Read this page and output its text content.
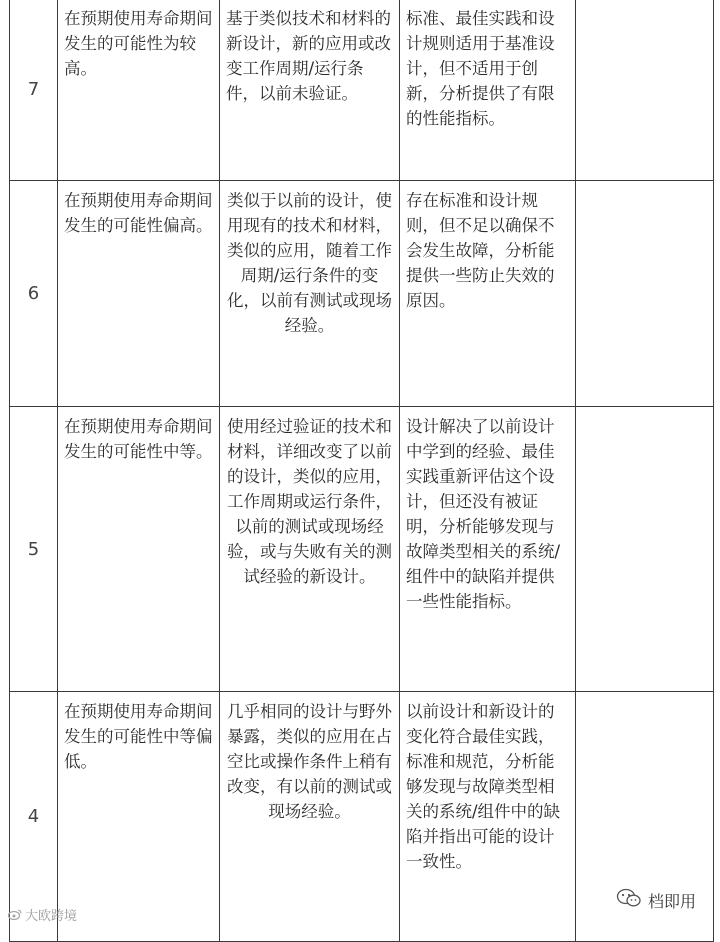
7	在预期使用寿命期间发生的可能性为较高。	基于类似技术和材料的新设计，新的应用或改变工作周期/运行条件，以前未验证。	标准、最佳实践和设计规则适用于基准设计，但不适用于创新，分析提供了有限的性能指标。	
6	在预期使用寿命期间发生的可能性偏高。	类似于以前的设计，使用现有的技术和材料，类似的应用，随着工作周期/运行条件的变化，以前有测试或现场经验。	存在标准和设计规则，但不足以确保不会发生故障，分析能提供一些防止失效的原因。	
5	在预期使用寿命期间发生的可能性中等。	使用经过验证的技术和材料，详细改变了以前的设计，类似的应用，工作周期或运行条件，以前的测试或现场经验，或与失败有关的测试经验的新设计。	设计解决了以前设计中学到的经验、最佳实践重新评估这个设计，但还没有被证明，分析能够发现与故障类型相关的系统/组件中的缺陷并提供一些性能指标。	
4	在预期使用寿命期间发生的可能性中等偏低。	几乎相同的设计与野外暴露，类似的应用在占空比或操作条件上稍有改变，有以前的测试或现场经验。	以前设计和新设计的变化符合最佳实践，标准和规范，分析能够发现与故障类型相关的系统/组件中的缺陷并指出可能的设计一致性。	
大欧跨境
档即用
